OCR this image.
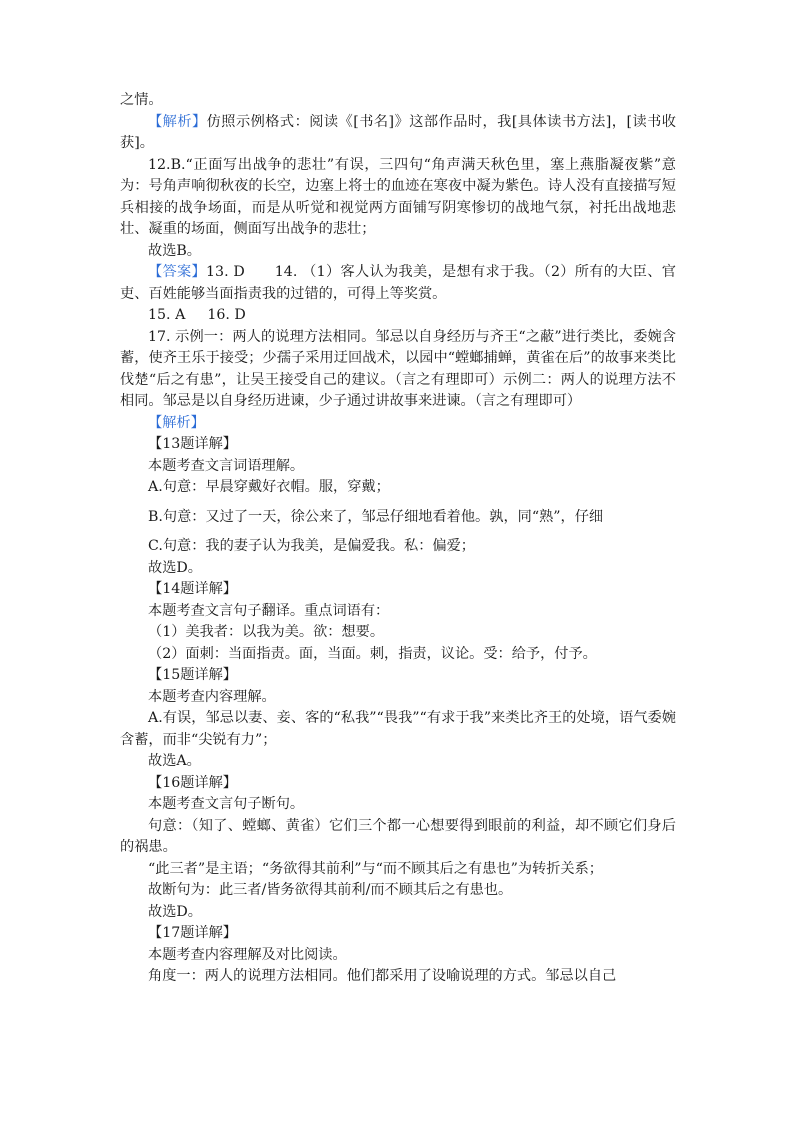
之情。

【解析】仿照示例格式：阅读《[书名]》这部作品时，我[具体读书方法]，[读书收获]。

12.B.“正面写出战争的悲壮”有误，三四句“角声满天秋色里，塞上燕脂凝夜紫”意为：号角声响彻秋夜的长空，边塞上将士的血迹在寒夜中凝为紫色。诗人没有直接描写短兵相接的战争场面，而是从听觉和视觉两方面铺写阴寒惨切的战地气氛，衬托出战地悲壮、凝重的场面，侧面写出战争的悲壮；

故选B。

【答案】13. D 14. （1）客人认为我美，是想有求于我。（2）所有的大臣、官吏、百姓能够当面指责我的过错的，可得上等奖赏。

15. A 16. D

17. 示例一：两人的说理方法相同。邹忌以自身经历与齐王“之蔽”进行类比，委婉含蓄，使齐王乐于接受；少孺子采用迂回战术，以园中“螳螂捕蝉，黄雀在后”的故事来类比伐楚“后之有患”，让吴王接受自己的建议。（言之有理即可）示例二：两人的说理方法不相同。邹忌是以自身经历进谏，少子通过讲故事来进谏。（言之有理即可）

【解析】

【13题详解】

本题考查文言词语理解。

A.句意：早晨穿戴好衣帽。服，穿戴；

B.句意：又过了一天，徐公来了，邹忌仔细地看着他。孰，同“熟”，仔细

C.句意：我的妻子认为我美，是偏爱我。私：偏爱；

故选D。

【14题详解】

本题考查文言句子翻译。重点词语有：

（1）美我者：以我为美。欲：想要。

（2）面刺：当面指责。面，当面。刺，指责，议论。受：给予，付予。

【15题详解】

本题考查内容理解。

A.有误，邹忌以妻、妾、客的“私我”“畏我”“有求于我”来类比齐王的处境，语气委婉含蓄，而非“尖锐有力”；

故选A。

【16题详解】

本题考查文言句子断句。

句意：（知了、螳螂、黄雀）它们三个都一心想要得到眼前的利益，却不顾它们身后的祸患。

“此三者”是主语；“务欲得其前利”与“而不顾其后之有患也”为转折关系；

故断句为：此三者/皆务欲得其前利/而不顾其后之有患也。

故选D。

【17题详解】

本题考查内容理解及对比阅读。

角度一：两人的说理方法相同。他们都采用了设喻说理的方式。邹忌以自己
